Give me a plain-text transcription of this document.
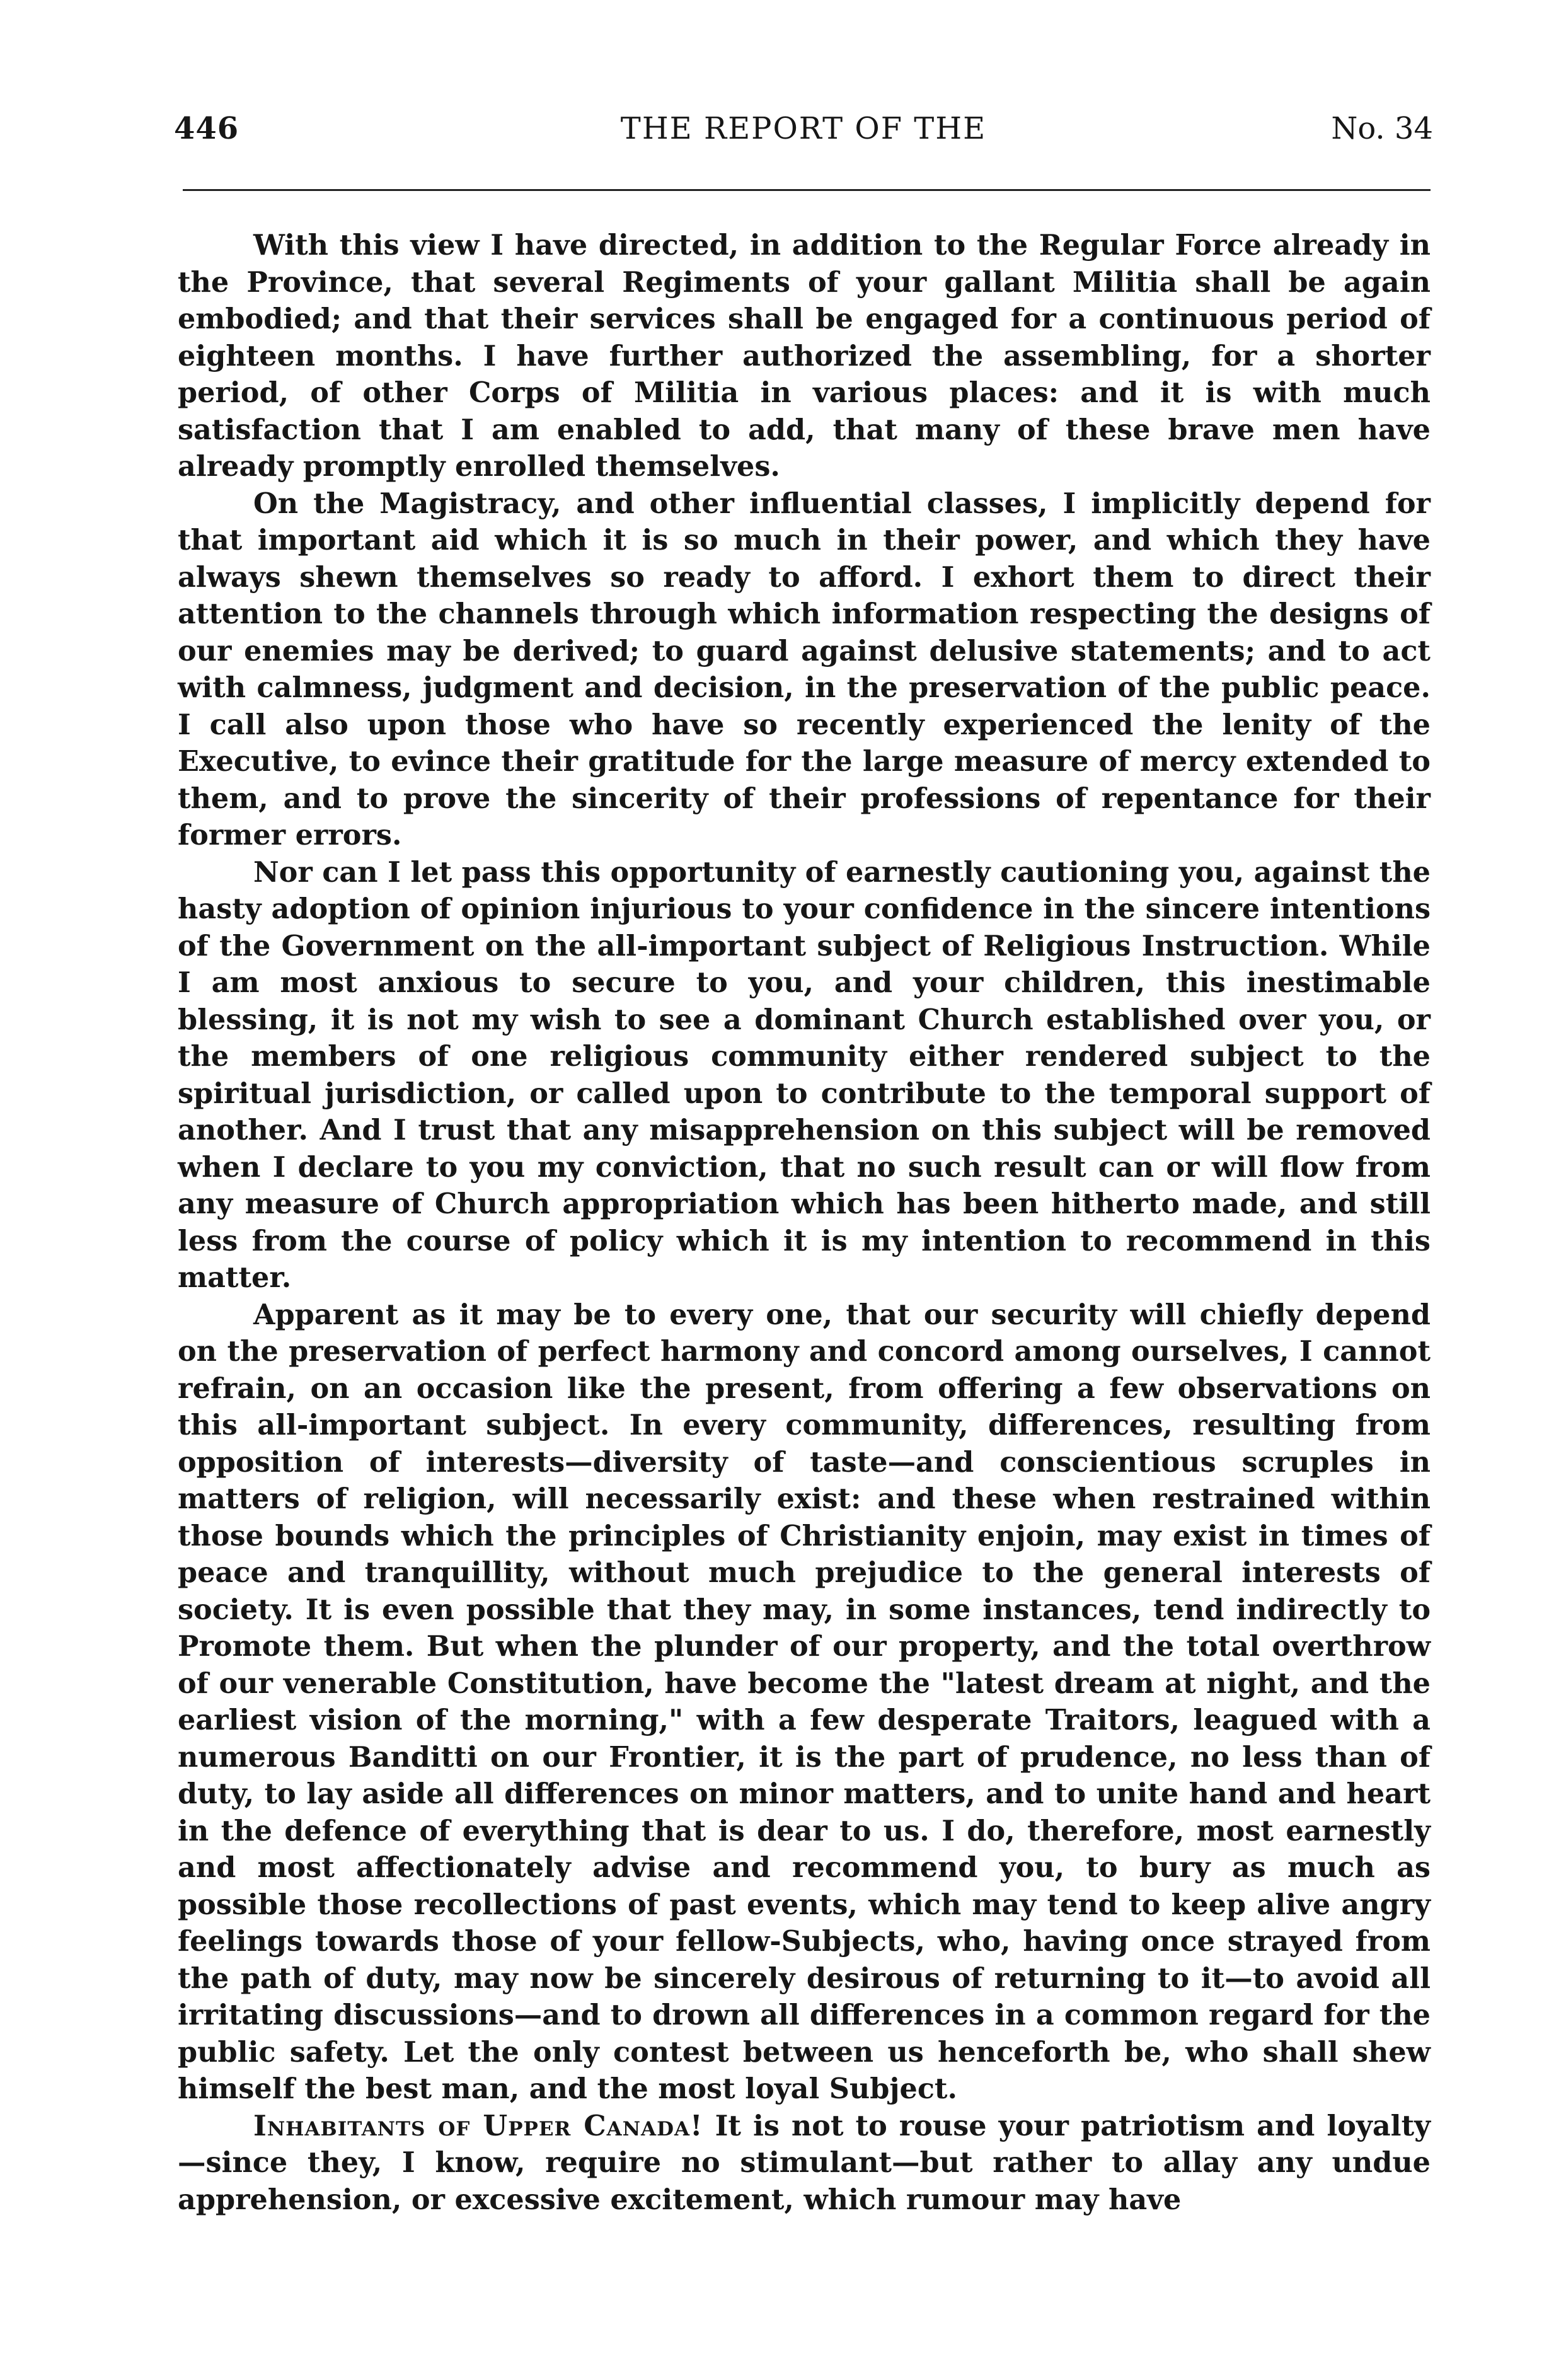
446	THE REPORT OF THE	No. 34

With this view I have directed, in addition to the Regular Force already in the Province, that several Regiments of your gallant Militia shall be again embodied; and that their services shall be engaged for a continuous period of eighteen months. I have further authorized the assembling, for a shorter period, of other Corps of Militia in various places: and it is with much satisfaction that I am enabled to add, that many of these brave men have already promptly enrolled themselves.

On the Magistracy, and other influential classes, I implicitly depend for that important aid which it is so much in their power, and which they have always shewn themselves so ready to afford. I exhort them to direct their attention to the channels through which information respecting the designs of our enemies may be derived; to guard against delusive statements; and to act with calmness, judgment and decision, in the preservation of the public peace. I call also upon those who have so recently experienced the lenity of the Executive, to evince their gratitude for the large measure of mercy extended to them, and to prove the sincerity of their professions of repentance for their former errors.

Nor can I let pass this opportunity of earnestly cautioning you, against the hasty adoption of opinion injurious to your confidence in the sincere intentions of the Government on the all-important subject of Religious Instruction. While I am most anxious to secure to you, and your children, this inestimable blessing, it is not my wish to see a dominant Church established over you, or the members of one religious community either rendered subject to the spiritual jurisdiction, or called upon to contribute to the temporal support of another. And I trust that any misapprehension on this subject will be removed when I declare to you my conviction, that no such result can or will flow from any measure of Church appropriation which has been hitherto made, and still less from the course of policy which it is my intention to recommend in this matter.

Apparent as it may be to every one, that our security will chiefly depend on the preservation of perfect harmony and concord among ourselves, I cannot refrain, on an occasion like the present, from offering a few observations on this all-important subject. In every community, differences, resulting from opposition of interests—diversity of taste—and conscientious scruples in matters of religion, will necessarily exist: and these when restrained within those bounds which the principles of Christianity enjoin, may exist in times of peace and tranquillity, without much prejudice to the general interests of society. It is even possible that they may, in some instances, tend indirectly to Promote them. But when the plunder of our property, and the total overthrow of our venerable Constitution, have become the "latest dream at night, and the earliest vision of the morning," with a few desperate Traitors, leagued with a numerous Banditti on our Frontier, it is the part of prudence, no less than of duty, to lay aside all differences on minor matters, and to unite hand and heart in the defence of everything that is dear to us. I do, therefore, most earnestly and most affectionately advise and recommend you, to bury as much as possible those recollections of past events, which may tend to keep alive angry feelings towards those of your fellow-Subjects, who, having once strayed from the path of duty, may now be sincerely desirous of returning to it—to avoid all irritating discussions—and to drown all differences in a common regard for the public safety. Let the only contest between us henceforth be, who shall shew himself the best man, and the most loyal Subject.

Inhabitants of Upper Canada! It is not to rouse your patriotism and loyalty—since they, I know, require no stimulant—but rather to allay any undue apprehension, or excessive excitement, which rumour may have
